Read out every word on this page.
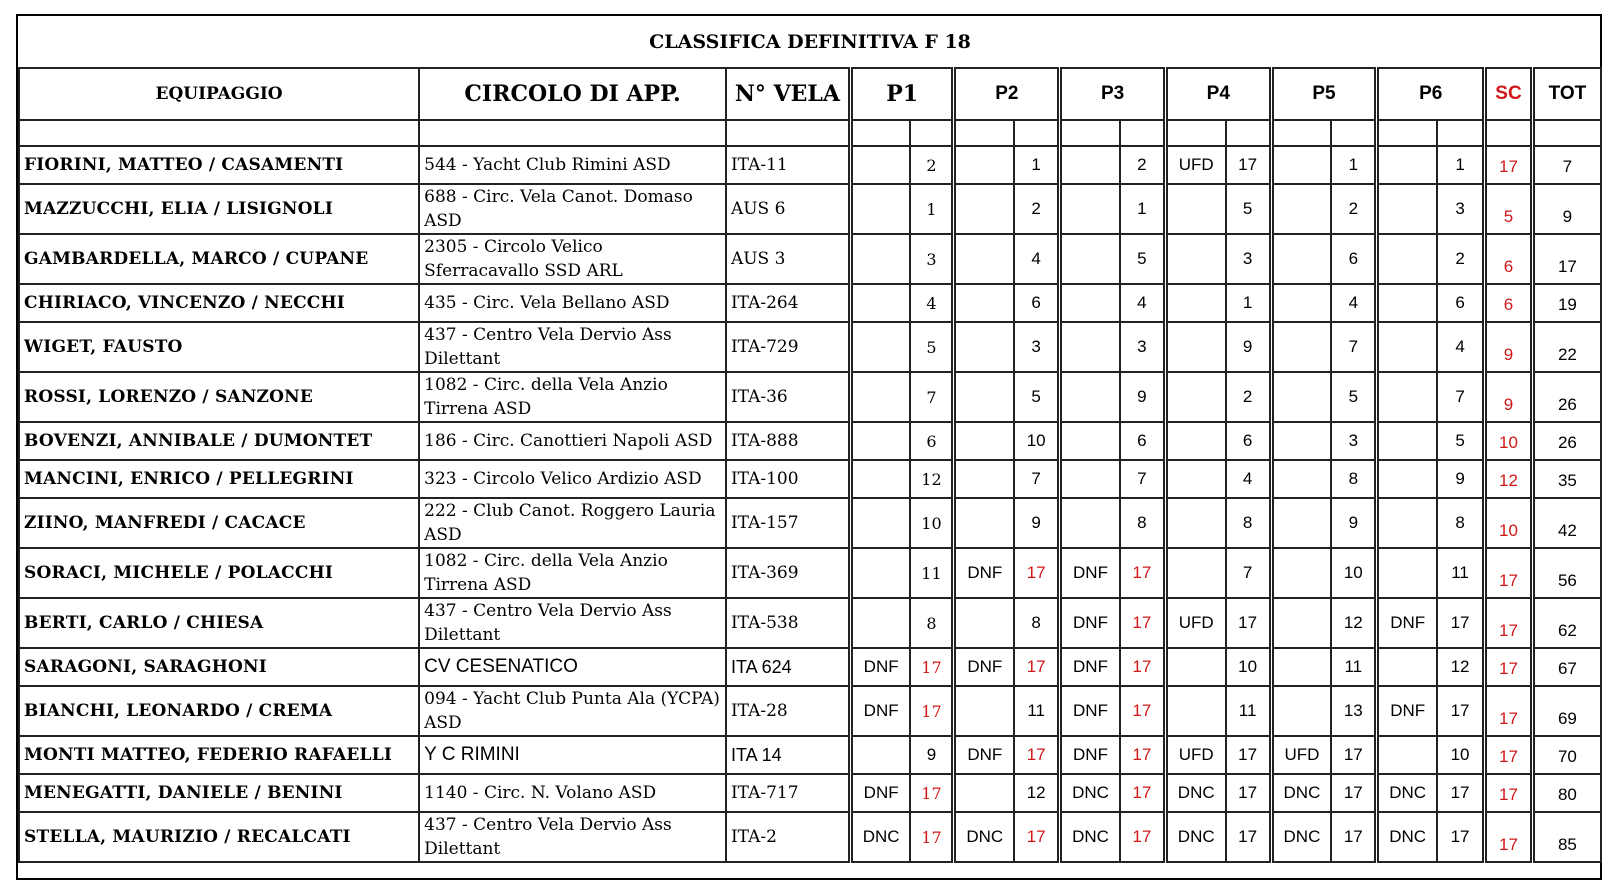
CLASSIFICA DEFINITIVA F 18																
EQUIPAGGIO	CIRCOLO DI APP.	N° VELA	P1		P2		P3		P4		P5		P6		SC	TOT

FIORINI, MATTEO / CASAMENTI	544 - Yacht Club Rimini ASD	ITA-11		2		1		2	UFD	17		1		1	17	7
MAZZUCCHI, ELIA / LISIGNOLI	688 - Circ. Vela Canot. Domaso ASD	AUS 6		1		2		1		5		2		3	5	9
GAMBARDELLA, MARCO / CUPANE	2305 - Circolo Velico Sferracavallo SSD ARL	AUS 3		3		4		5		3		6		2	6	17
CHIRIACO, VINCENZO / NECCHI	435 - Circ. Vela Bellano ASD	ITA-264		4		6		4		1		4		6	6	19
WIGET, FAUSTO	437 - Centro Vela Dervio Ass Dilettant	ITA-729		5		3		3		9		7		4	9	22
ROSSI, LORENZO / SANZONE	1082 - Circ. della Vela Anzio Tirrena ASD	ITA-36		7		5		9		2		5		7	9	26
BOVENZI, ANNIBALE / DUMONTET	186 - Circ. Canottieri Napoli ASD	ITA-888		6		10		6		6		3		5	10	26
MANCINI, ENRICO / PELLEGRINI	323 - Circolo Velico Ardizio ASD	ITA-100		12		7		7		4		8		9	12	35
ZIINO, MANFREDI / CACACE	222 - Club Canot. Roggero Lauria ASD	ITA-157		10		9		8		8		9		8	10	42
SORACI, MICHELE / POLACCHI	1082 - Circ. della Vela Anzio Tirrena ASD	ITA-369		11	DNF	17	DNF	17		7		10		11	17	56
BERTI, CARLO / CHIESA	437 - Centro Vela Dervio Ass Dilettant	ITA-538		8		8	DNF	17	UFD	17		12	DNF	17	17	62
SARAGONI, SARAGHONI	CV CESENATICO	ITA 624	DNF	17	DNF	17	DNF	17		10		11		12	17	67
BIANCHI, LEONARDO / CREMA	094 - Yacht Club Punta Ala (YCPA) ASD	ITA-28	DNF	17		11	DNF	17		11		13	DNF	17	17	69
MONTI MATTEO, FEDERIO RAFAELLI	Y C RIMINI	ITA 14		9	DNF	17	DNF	17	UFD	17	UFD	17		10	17	70
MENEGATTI, DANIELE / BENINI	1140 - Circ. N. Volano ASD	ITA-717	DNF	17		12	DNC	17	DNC	17	DNC	17	DNC	17	17	80
STELLA, MAURIZIO / RECALCATI	437 - Centro Vela Dervio Ass Dilettant	ITA-2	DNC	17	DNC	17	DNC	17	DNC	17	DNC	17	DNC	17	17	85
